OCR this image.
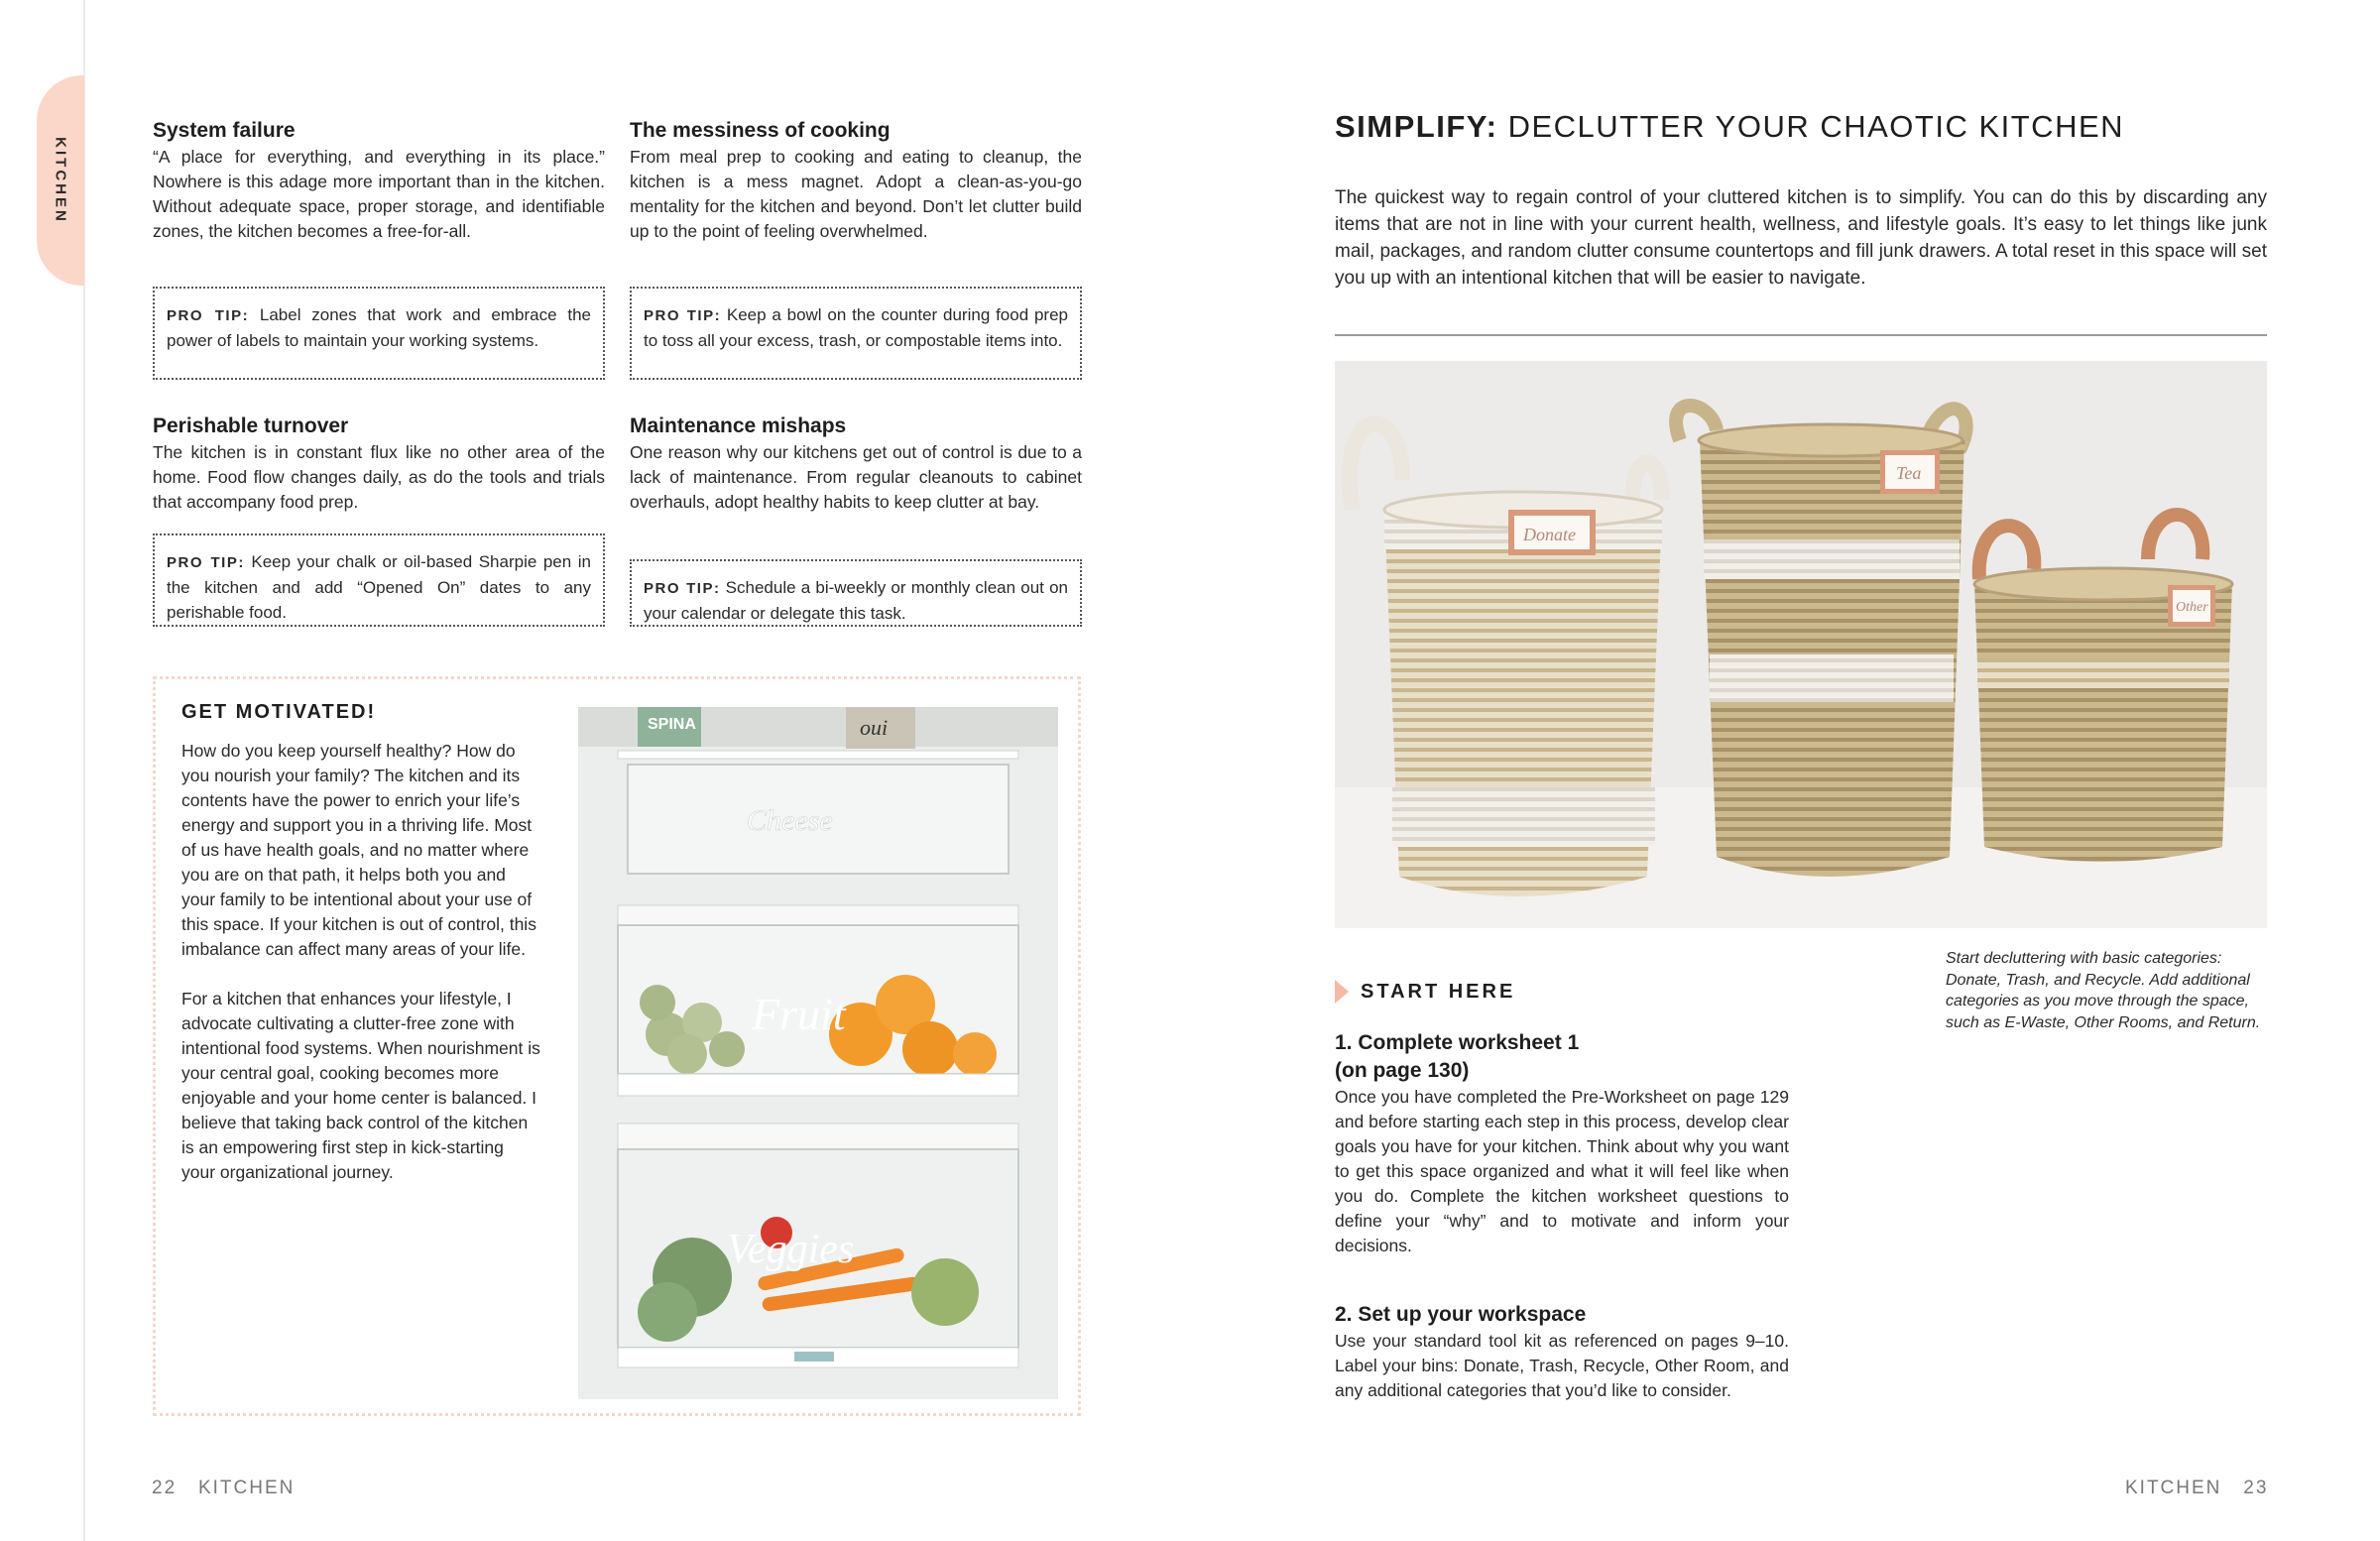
KITCHEN
System failure

“A place for everything, and everything in its place.” Nowhere is this adage more important than in the kitchen. Without adequate space, proper storage, and identifiable zones, the kitchen becomes a free-for-all.

PRO TIP: Label zones that work and embrace the power of labels to maintain your working systems.
The messiness of cooking

From meal prep to cooking and eating to cleanup, the kitchen is a mess magnet. Adopt a clean-as-you-go mentality for the kitchen and beyond. Don’t let clutter build up to the point of feeling overwhelmed.

PRO TIP: Keep a bowl on the counter during food prep to toss all your excess, trash, or compostable items into.
Perishable turnover

The kitchen is in constant flux like no other area of the home. Food flow changes daily, as do the tools and trials that accompany food prep.

PRO TIP: Keep your chalk or oil-based Sharpie pen in the kitchen and add “Opened On” dates to any perishable food.
Maintenance mishaps

One reason why our kitchens get out of control is due to a lack of maintenance. From regular cleanouts to cabinet overhauls, adopt healthy habits to keep clutter at bay.

PRO TIP: Schedule a bi-weekly or monthly clean out on your calendar or delegate this task.
GET MOTIVATED!

How do you keep yourself healthy? How do you nourish your family? The kitchen and its contents have the power to enrich your life’s energy and support you in a thriving life. Most of us have health goals, and no matter where you are on that path, it helps both you and your family to be intentional about your use of this space. If your kitchen is out of control, this imbalance can affect many areas of your life.

For a kitchen that enhances your lifestyle, I advocate cultivating a clutter-free zone with intentional food systems. When nourishment is your central goal, cooking becomes more enjoyable and your home center is balanced. I believe that taking back control of the kitchen is an empowering first step in kick-starting your organizational journey.

SPINA	oui
Cheese
Fruit
Veggies
22 KITCHEN
SIMPLIFY: DECLUTTER YOUR CHAOTIC KITCHEN

The quickest way to regain control of your cluttered kitchen is to simplify. You can do this by discarding any items that are not in line with your current health, wellness, and lifestyle goals. It’s easy to let things like junk mail, packages, and random clutter consume countertops and fill junk drawers. A total reset in this space will set you up with an intentional kitchen that will be easier to navigate.

Donate
Tea
Other
START HERE
1. Complete worksheet 1
(on page 130)

Once you have completed the Pre-Worksheet on page 129 and before starting each step in this process, develop clear goals you have for your kitchen. Think about why you want to get this space organized and what it will feel like when you do. Complete the kitchen worksheet questions to define your “why” and to motivate and inform your decisions.

2. Set up your workspace

Use your standard tool kit as referenced on pages 9–10. Label your bins: Donate, Trash, Recycle, Other Room, and any additional categories that you’d like to consider.

Start decluttering with basic categories: Donate, Trash, and Recycle. Add additional categories as you move through the space, such as E-Waste, Other Rooms, and Return.
KITCHEN 23
